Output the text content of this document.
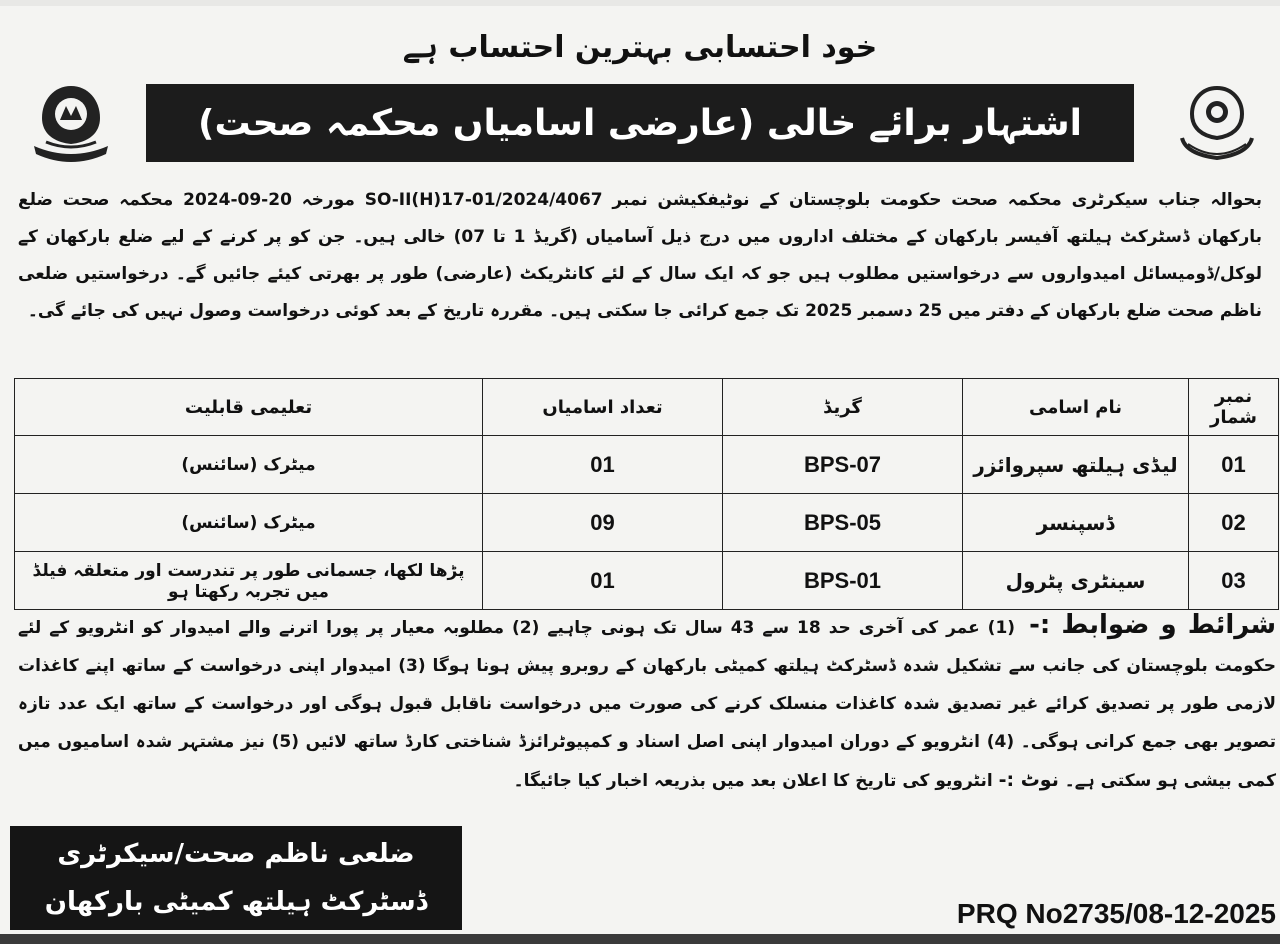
خود احتسابی بہترین احتساب ہے
اشتہار برائے خالی (عارضی اسامیاں محکمہ صحت)
بحوالہ جناب سیکرٹری محکمہ صحت حکومت بلوچستان کے نوٹیفکیشن نمبر SO-II(H)17-01/2024/4067 مورخہ 20-09-2024 محکمہ صحت ضلع بارکھان ڈسٹرکٹ ہیلتھ آفیسر بارکھان کے مختلف اداروں میں درج ذیل آسامیاں (گریڈ 1 تا 07) خالی ہیں۔ جن کو پر کرنے کے لیے ضلع بارکھان کے لوکل/ڈومیسائل امیدواروں سے درخواستیں مطلوب ہیں جو کہ ایک سال کے لئے کانٹریکٹ (عارضی) طور پر بھرتی کیئے جائیں گے۔ درخواستیں ضلعی ناظم صحت ضلع بارکھان کے دفتر میں 25 دسمبر 2025 تک جمع کرائی جا سکتی ہیں۔ مقررہ تاریخ کے بعد کوئی درخواست وصول نہیں کی جائے گی۔
نمبر شمار	نام اسامی	گریڈ	تعداد اسامیاں	تعلیمی قابلیت
01	لیڈی ہیلتھ سپروائزر	BPS-07	01	میٹرک (سائنس)
02	ڈسپنسر	BPS-05	09	میٹرک (سائنس)
03	سینٹری پٹرول	BPS-01	01	پڑھا لکھا، جسمانی طور پر تندرست اور متعلقہ فیلڈ میں تجربہ رکھتا ہو
شرائط و ضوابط :- (1) عمر کی آخری حد 18 سے 43 سال تک ہونی چاہیے (2) مطلوبہ معیار پر پورا اترنے والے امیدوار کو انٹرویو کے لئے حکومت بلوچستان کی جانب سے تشکیل شدہ ڈسٹرکٹ ہیلتھ کمیٹی بارکھان کے روبرو پیش ہونا ہوگا (3) امیدوار اپنی درخواست کے ساتھ اپنے کاغذات لازمی طور پر تصدیق کرائے غیر تصدیق شدہ کاغذات منسلک کرنے کی صورت میں درخواست ناقابل قبول ہوگی اور درخواست کے ساتھ ایک عدد تازہ تصویر بھی جمع کرانی ہوگی۔ (4) انٹرویو کے دوران امیدوار اپنی اصل اسناد و کمپیوٹرائزڈ شناختی کارڈ ساتھ لائیں (5) نیز مشتہر شدہ اسامیوں میں کمی بیشی ہو سکتی ہے۔ نوٹ :- انٹرویو کی تاریخ کا اعلان بعد میں بذریعہ اخبار کیا جائیگا۔
ضلعی ناظم صحت/سیکرٹری
ڈسٹرکٹ ہیلتھ کمیٹی بارکھان	PRQ No2735/08-12-2025
